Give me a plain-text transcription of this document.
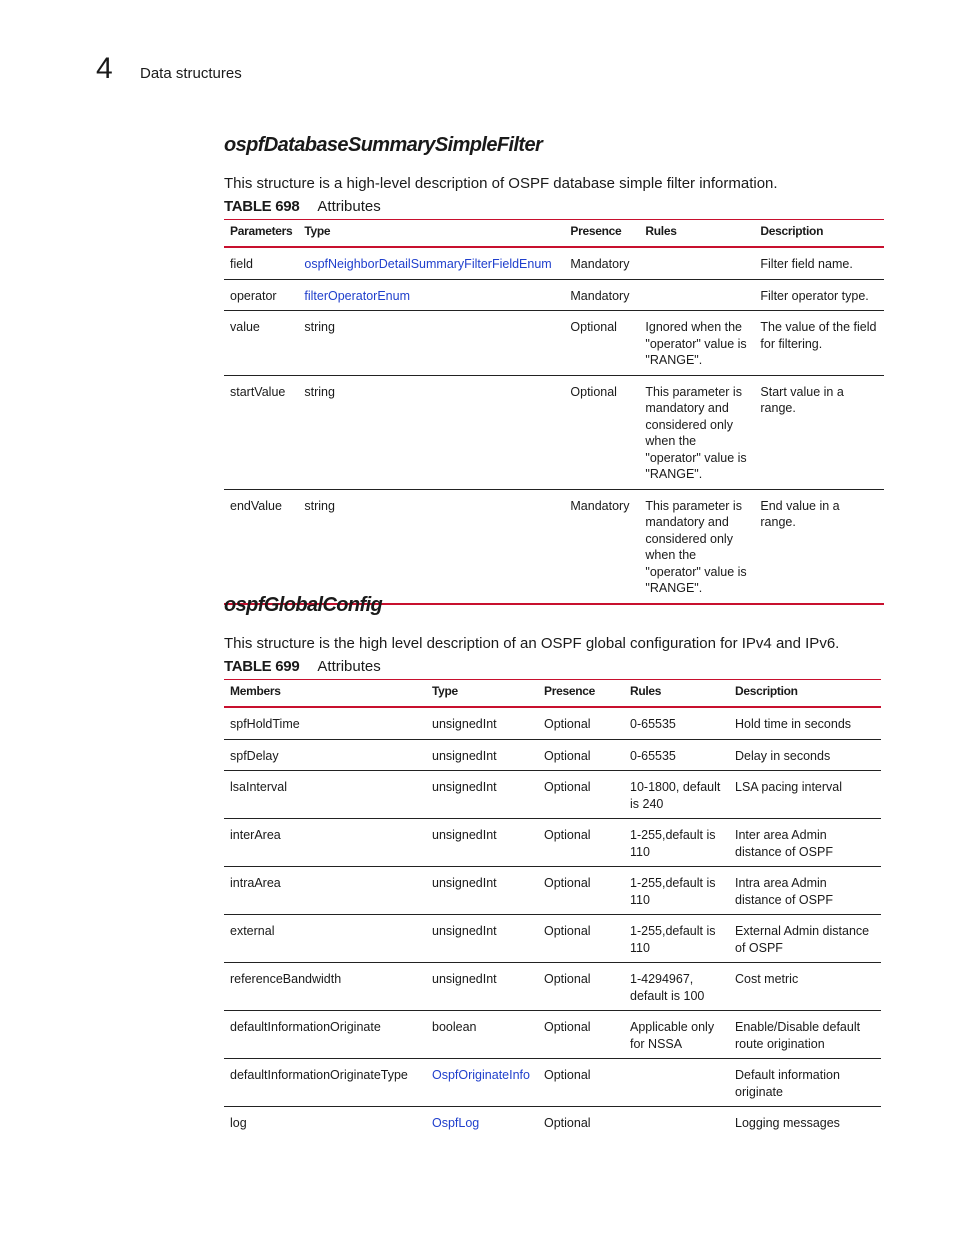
4 Data structures
ospfDatabaseSummarySimpleFilter

This structure is a high-level description of OSPF database simple filter information.

TABLE 698 Attributes

Parameters	Type	Presence	Rules	Description
field	ospfNeighborDetailSummaryFilterFieldEnum	Mandatory		Filter field name.
operator	filterOperatorEnum	Mandatory		Filter operator type.
value	string	Optional	Ignored when the "operator" value is "RANGE".	The value of the field for filtering.
startValue	string	Optional	This parameter is mandatory and considered only when the "operator" value is "RANGE".	Start value in a range.
endValue	string	Mandatory	This parameter is mandatory and considered only when the "operator" value is "RANGE".	End value in a range.
ospfGlobalConfig

This structure is the high level description of an OSPF global configuration for IPv4 and IPv6.

TABLE 699 Attributes

Members	Type	Presence	Rules	Description
spfHoldTime	unsignedInt	Optional	0-65535	Hold time in seconds
spfDelay	unsignedInt	Optional	0-65535	Delay in seconds
lsaInterval	unsignedInt	Optional	10-1800, default is 240	LSA pacing interval
interArea	unsignedInt	Optional	1-255,default is 110	Inter area Admin distance of OSPF
intraArea	unsignedInt	Optional	1-255,default is 110	Intra area Admin distance of OSPF
external	unsignedInt	Optional	1-255,default is 110	External Admin distance of OSPF
referenceBandwidth	unsignedInt	Optional	1-4294967, default is 100	Cost metric
defaultInformationOriginate	boolean	Optional	Applicable only for NSSA	Enable/Disable default route origination
defaultInformationOriginateType	OspfOriginateInfo	Optional		Default information originate
log	OspfLog	Optional		Logging messages
